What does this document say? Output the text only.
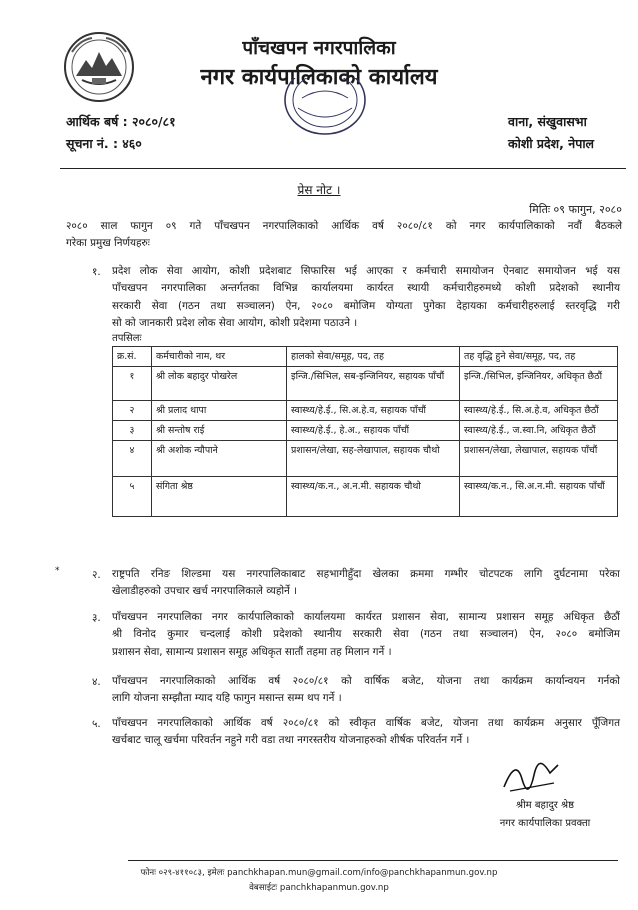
पाँचखपन नगरपालिका
नगर कार्यपालिकाको कार्यालय
आर्थिक बर्ष : २०८०/८१
सूचना नं. : ४६०
वाना, संखुवासभा
कोशी प्रदेश, नेपाल
प्रेस नोट ।
मितिः ०९ फागुन, २०८०
२०८० साल फागुन ०९ गते पाँचखपन नगरपालिकाको आर्थिक वर्ष २०८०/८१ को नगर कार्यपालिकाको नवौं बैठकले
गरेका प्रमुख निर्णयहरुः
१. प्रदेश लोक सेवा आयोग, कोशी प्रदेशबाट सिफारिस भई आएका र कर्मचारी समायोजन ऐनबाट समायोजन भई यस
पाँचखपन नगरपालिका अन्तर्गतका विभिन्न कार्यालयमा कार्यरत स्थायी कर्मचारीहरुमध्ये कोशी प्रदेशको स्थानीय
सरकारी सेवा (गठन तथा सञ्चालन) ऐन, २०८० बमोजिम योग्यता पुगेका देहायका कर्मचारीहरुलाई स्तरवृद्धि गरी
सो को जानकारी प्रदेश लोक सेवा आयोग, कोशी प्रदेशमा पठाउने ।
तपसिलः
क्र.सं.	कर्मचारीको नाम, थर	हालको सेवा/समूह, पद, तह	तह वृद्धि हुने सेवा/समूह, पद, तह
१	श्री लोक बहादुर पोखरेल	इन्जि./सिभिल, सब-इन्जिनियर, सहायक पाँचौं	इन्जि./सिभिल, इन्जिनियर, अधिकृत छैठौं
२	श्री प्रलाद थापा	स्वास्थ्य/हे.ई., सि.अ.हे.व, सहायक पाँचौं	स्वास्थ्य/हे.ई., सि.अ.हे.व, अधिकृत छैठौं
३	श्री सन्तोष राई	स्वास्थ्य/हे.ई., हे.अ., सहायक पाँचौं	स्वास्थ्य/हे.ई., ज.स्वा.नि, अधिकृत छैठौं
४	श्री अशोक न्यौपाने	प्रशासन/लेखा, सह-लेखापाल, सहायक चौथो	प्रशासन/लेखा, लेखापाल, सहायक पाँचौं
५	संगिता श्रेष्ठ	स्वास्थ्य/क.न., अ.न.मी. सहायक चौथो	स्वास्थ्य/क.न., सि.अ.न.मी. सहायक पाँचौं
*	२. राष्ट्रपति रनिङ शिल्डमा यस नगरपालिकाबाट सहभागीहुँदा खेलका क्रममा गम्भीर चोटपटक लागि दुर्घटनामा परेका
खेलाडीहरुको उपचार खर्च नगरपालिकाले व्यहोर्ने ।
३. पाँचखपन नगरपालिका नगर कार्यपालिकाको कार्यालयमा कार्यरत प्रशासन सेवा, सामान्य प्रशासन समूह अधिकृत छैठौं
श्री विनोद कुमार चन्दलाई कोशी प्रदेशको स्थानीय सरकारी सेवा (गठन तथा सञ्चालन) ऐन, २०८० बमोजिम
प्रशासन सेवा, सामान्य प्रशासन समूह अधिकृत सातौं तहमा तह मिलान गर्ने ।
४. पाँचखपन नगरपालिकाको आर्थिक वर्ष २०८०/८१ को वार्षिक बजेट, योजना तथा कार्यक्रम कार्यान्वयन गर्नको
लागि योजना सम्झौता म्याद यहि फागुन मसान्त सम्म थप गर्ने ।
५. पाँचखपन नगरपालिकाको आर्थिक वर्ष २०८०/८१ को स्वीकृत वार्षिक बजेट, योजना तथा कार्यक्रम अनुसार पूँजिगत
खर्चबाट चालू खर्चमा परिवर्तन नहुने गरी वडा तथा नगरस्तरीय योजनाहरुको शीर्षक परिवर्तन गर्ने ।
श्रीम बहादुर श्रेष्ठ
नगर कार्यपालिका प्रवक्ता
फोनः ०२९-४११०८३, इमेलः panchkhapan.mun@gmail.com/info@panchkhapanmun.gov.np
वेबसाईटः panchkhapanmun.gov.np
